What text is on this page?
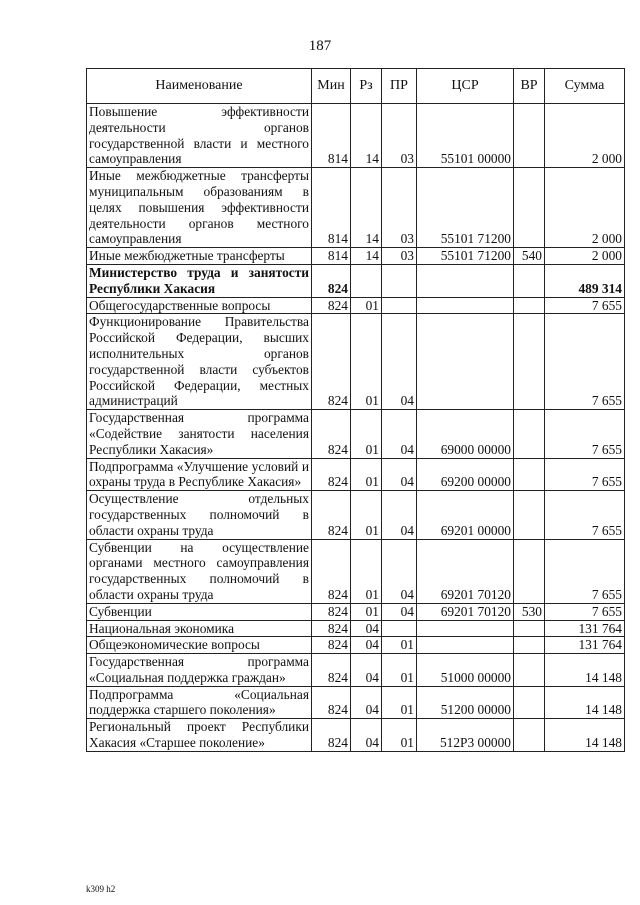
187
Наименование	Мин	Рз	ПР	ЦСР	ВР	Сумма
Повышение эффективности деятельности органов государственной власти и местного самоуправления	814	14	03	55101 00000		2 000
Иные межбюджетные трансферты муниципальным образованиям в целях повышения эффективности деятельности органов местного самоуправления	814	14	03	55101 71200		2 000
Иные межбюджетные трансферты	814	14	03	55101 71200	540	2 000
Министерство труда и занятости Республики Хакасия	824					489 314
Общегосударственные вопросы	824	01				7 655
Функционирование Правительства Российской Федерации, высших исполнительных органов государственной власти субъектов Российской Федерации, местных администраций	824	01	04			7 655
Государственная программа «Содействие занятости населения Республики Хакасия»	824	01	04	69000 00000		7 655
Подпрограмма «Улучшение условий и охраны труда в Республике Хакасия»	824	01	04	69200 00000		7 655
Осуществление отдельных государственных полномочий в области охраны труда	824	01	04	69201 00000		7 655
Субвенции на осуществление органами местного самоуправления государственных полномочий в области охраны труда	824	01	04	69201 70120		7 655
Субвенции	824	01	04	69201 70120	530	7 655
Национальная экономика	824	04				131 764
Общеэкономические вопросы	824	04	01			131 764
Государственная программа «Социальная поддержка граждан»	824	04	01	51000 00000		14 148
Подпрограмма «Социальная поддержка старшего поколения»	824	04	01	51200 00000		14 148
Региональный проект Республики Хакасия «Старшее поколение»	824	04	01	512P3 00000		14 148
k309 h2
